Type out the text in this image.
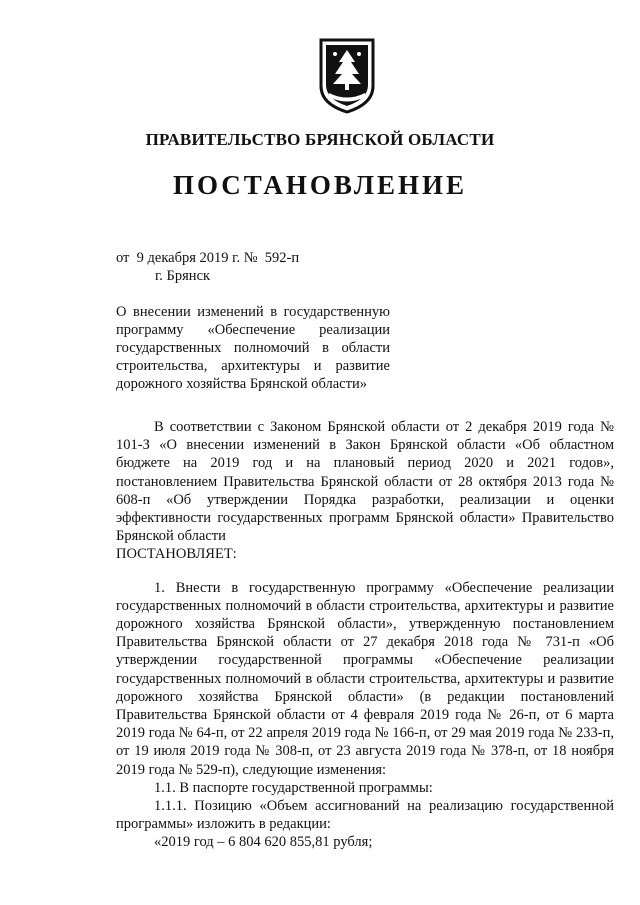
ПРАВИТЕЛЬСТВО БРЯНСКОЙ ОБЛАСТИ
ПОСТАНОВЛЕНИЕ
от  9 декабря 2019 г. №  592-п
г. Брянск
О внесении изменений в государственную программу «Обеспечение реализации государственных полномочий в области строительства, архитектуры и развитие дорожного хозяйства Брянской области»

В соответствии с Законом Брянской области от 2 декабря 2019 года № 101-З «О внесении изменений в Закон Брянской области «Об областном бюджете на 2019 год и на плановый период 2020 и 2021 годов», постановлением Правительства Брянской области от 28 октября 2013 года № 608-п «Об утверждении Порядка разработки, реализации и оценки эффективности государственных программ Брянской области» Правительство Брянской области

ПОСТАНОВЛЯЕТ:

1. Внести в государственную программу «Обеспечение реализации государственных полномочий в области строительства, архитектуры и развитие дорожного хозяйства Брянской области», утвержденную постановлением Правительства Брянской области от 27 декабря 2018 года № 731-п «Об утверждении государственной программы «Обеспечение реализации государственных полномочий в области строительства, архитектуры и развитие дорожного хозяйства Брянской области» (в редакции постановлений Правительства Брянской области от 4 февраля 2019 года № 26-п, от 6 марта 2019 года № 64-п, от 22 апреля 2019 года № 166-п, от 29 мая 2019 года № 233-п, от 19 июля 2019 года № 308-п, от 23 августа 2019 года № 378-п, от 18 ноября 2019 года № 529-п), следующие изменения:

1.1. В паспорте государственной программы:

1.1.1. Позицию «Объем ассигнований на реализацию государственной программы» изложить в редакции:

«2019 год – 6 804 620 855,81 рубля;
